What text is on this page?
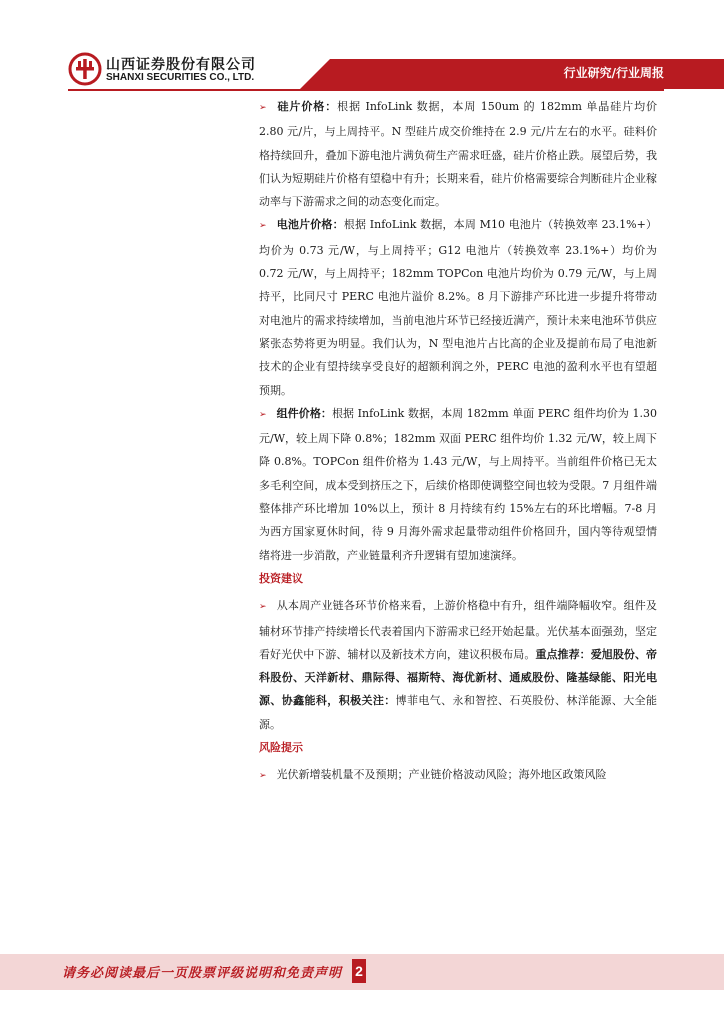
山西证券股份有限公司
SHANXI SECURITIES CO., LTD.	行业研究/行业周报

➢ 硅片价格：根据 InfoLink 数据，本周 150um 的 182mm 单晶硅片均价 2.80 元/片，与上周持平。N 型硅片成交价维持在 2.9 元/片左右的水平。硅料价格持续回升，叠加下游电池片满负荷生产需求旺盛，硅片价格止跌。展望后势，我们认为短期硅片价格有望稳中有升；长期来看，硅片价格需要综合判断硅片企业稼动率与下游需求之间的动态变化而定。

➢ 电池片价格：根据 InfoLink 数据，本周 M10 电池片（转换效率 23.1%+）均价为 0.73 元/W，与上周持平；G12 电池片（转换效率 23.1%+）均价为 0.72 元/W，与上周持平；182mm TOPCon 电池片均价为 0.79 元/W，与上周持平，比同尺寸 PERC 电池片溢价 8.2%。8 月下游排产环比进一步提升将带动对电池片的需求持续增加，当前电池片环节已经接近满产，预计未来电池环节供应紧张态势将更为明显。我们认为，N 型电池片占比高的企业及提前布局了电池新技术的企业有望持续享受良好的超额利润之外，PERC 电池的盈利水平也有望超预期。

➢ 组件价格：根据 InfoLink 数据，本周 182mm 单面 PERC 组件均价为 1.30 元/W，较上周下降 0.8%；182mm 双面 PERC 组件均价 1.32 元/W，较上周下降 0.8%。TOPCon 组件价格为 1.43 元/W，与上周持平。当前组件价格已无太多毛利空间，成本受到挤压之下，后续价格即使调整空间也较为受限。7 月组件端整体排产环比增加 10%以上，预计 8 月持续有约 15%左右的环比增幅。7-8 月为西方国家夏休时间，待 9 月海外需求起量带动组件价格回升，国内等待观望情绪将进一步消散，产业链量利齐升逻辑有望加速演绎。

投资建议

➢ 从本周产业链各环节价格来看，上游价格稳中有升，组件端降幅收窄。组件及辅材环节排产持续增长代表着国内下游需求已经开始起量。光伏基本面强劲，坚定看好光伏中下游、辅材以及新技术方向，建议积极布局。重点推荐：爱旭股份、帝科股份、天洋新材、鼎际得、福斯特、海优新材、通威股份、隆基绿能、阳光电源、协鑫能科，积极关注：博菲电气、永和智控、石英股份、林洋能源、大全能源。

风险提示

➢ 光伏新增装机量不及预期；产业链价格波动风险；海外地区政策风险

请务必阅读最后一页股票评级说明和免责声明 2
